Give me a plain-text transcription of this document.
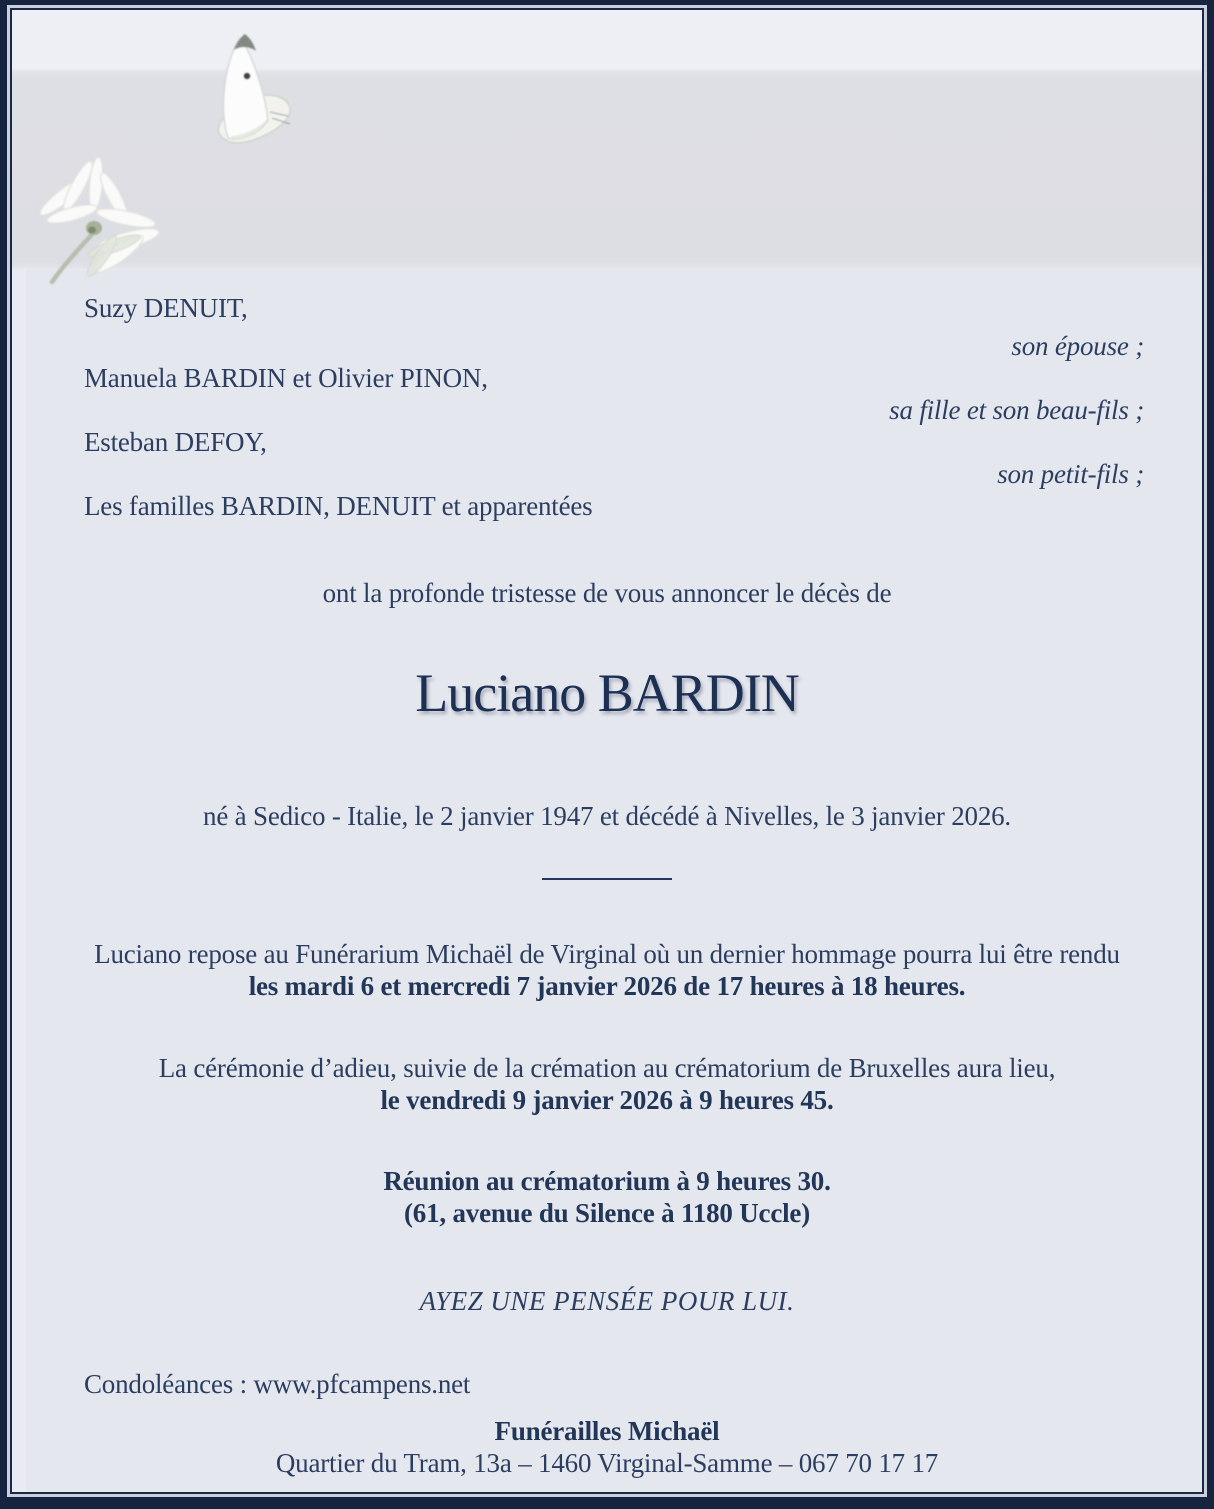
Suzy DENUIT,

son épouse ;

Manuela BARDIN et Olivier PINON,

sa fille et son beau-fils ;

Esteban DEFOY,

son petit-fils ;

Les familles BARDIN, DENUIT et apparentées

ont la profonde tristesse de vous annoncer le décès de

Luciano BARDIN

né à Sedico - Italie, le 2 janvier 1947 et décédé à Nivelles, le 3 janvier 2026.

Luciano repose au Funérarium Michaël de Virginal où un dernier hommage pourra lui être rendu

les mardi 6 et mercredi 7 janvier 2026 de 17 heures à 18 heures.

La cérémonie d’adieu, suivie de la crémation au crématorium de Bruxelles aura lieu,

le vendredi 9 janvier 2026 à 9 heures 45.

Réunion au crématorium à 9 heures 30.

(61, avenue du Silence à 1180 Uccle)

AYEZ UNE PENSÉE POUR LUI.

Condoléances : www.pfcampens.net

Funérailles Michaël

Quartier du Tram, 13a – 1460 Virginal-Samme – 067 70 17 17
